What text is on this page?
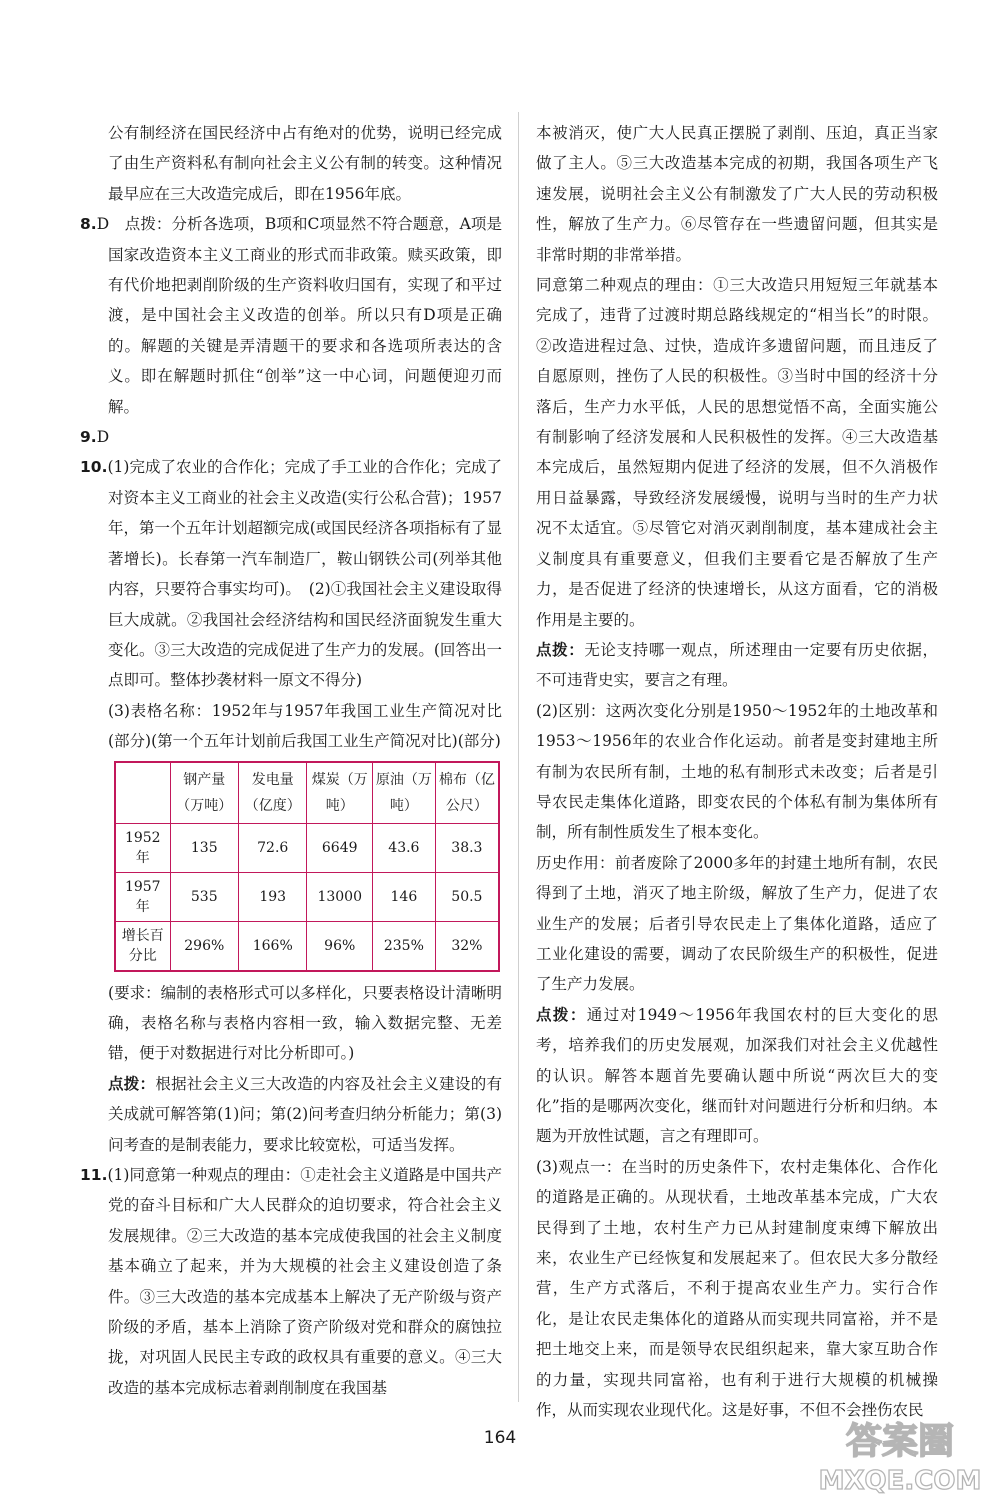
公有制经济在国民经济中占有绝对的优势，说明已经完成了由生产资料私有制向社会主义公有制的转变。这种情况最早应在三大改造完成后，即在1956年底。

8.D　点拨：分析各选项，B项和C项显然不符合题意，A项是国家改造资本主义工商业的形式而非政策。赎买政策，即有代价地把剥削阶级的生产资料收归国有，实现了和平过渡，是中国社会主义改造的创举。所以只有D项是正确的。解题的关键是弄清题干的要求和各选项所表达的含义。即在解题时抓住“创举”这一中心词，问题便迎刃而解。

9.D

10.(1)完成了农业的合作化；完成了手工业的合作化；完成了对资本主义工商业的社会主义改造(实行公私合营)；1957年，第一个五年计划超额完成(或国民经济各项指标有了显著增长)。长春第一汽车制造厂，鞍山钢铁公司(列举其他内容，只要符合事实均可)。　(2)①我国社会主义建设取得巨大成就。②我国社会经济结构和国民经济面貌发生重大变化。③三大改造的完成促进了生产力的发展。(回答出一点即可。整体抄袭材料一原文不得分)

(3)表格名称：1952年与1957年我国工业生产简况对比(部分)(第一个五年计划前后我国工业生产简况对比)(部分)

	钢产量（万吨）	发电量（亿度）	煤炭（万吨）	原油（万吨）	棉布（亿公尺）
1952年	135	72.6	6649	43.6	38.3
1957年	535	193	13000	146	50.5
增长百分比	296%	166%	96%	235%	32%

(要求：编制的表格形式可以多样化，只要表格设计清晰明确，表格名称与表格内容相一致，输入数据完整、无差错，便于对数据进行对比分析即可。)

点拨：根据社会主义三大改造的内容及社会主义建设的有关成就可解答第(1)问；第(2)问考查归纳分析能力；第(3)问考查的是制表能力，要求比较宽松，可适当发挥。

11.(1)同意第一种观点的理由：①走社会主义道路是中国共产党的奋斗目标和广大人民群众的迫切要求，符合社会主义发展规律。②三大改造的基本完成使我国的社会主义制度基本确立了起来，并为大规模的社会主义建设创造了条件。③三大改造的基本完成基本上解决了无产阶级与资产阶级的矛盾，基本上消除了资产阶级对党和群众的腐蚀拉拢，对巩固人民民主专政的政权具有重要的意义。④三大改造的基本完成标志着剥削制度在我国基

本被消灭，使广大人民真正摆脱了剥削、压迫，真正当家做了主人。⑤三大改造基本完成的初期，我国各项生产飞速发展，说明社会主义公有制激发了广大人民的劳动积极性，解放了生产力。⑥尽管存在一些遗留问题，但其实是非常时期的非常举措。

同意第二种观点的理由：①三大改造只用短短三年就基本完成了，违背了过渡时期总路线规定的“相当长”的时限。②改造进程过急、过快，造成许多遗留问题，而且违反了自愿原则，挫伤了人民的积极性。③当时中国的经济十分落后，生产力水平低，人民的思想觉悟不高，全面实施公有制影响了经济发展和人民积极性的发挥。④三大改造基本完成后，虽然短期内促进了经济的发展，但不久消极作用日益暴露，导致经济发展缓慢，说明与当时的生产力状况不太适宜。⑤尽管它对消灭剥削制度，基本建成社会主义制度具有重要意义，但我们主要看它是否解放了生产力，是否促进了经济的快速增长，从这方面看，它的消极作用是主要的。

点拨：无论支持哪一观点，所述理由一定要有历史依据，不可违背史实，要言之有理。

(2)区别：这两次变化分别是1950～1952年的土地改革和1953～1956年的农业合作化运动。前者是变封建地主所有制为农民所有制，土地的私有制形式未改变；后者是引导农民走集体化道路，即变农民的个体私有制为集体所有制，所有制性质发生了根本变化。

历史作用：前者废除了2000多年的封建土地所有制，农民得到了土地，消灭了地主阶级，解放了生产力，促进了农业生产的发展；后者引导农民走上了集体化道路，适应了工业化建设的需要，调动了农民阶级生产的积极性，促进了生产力发展。

点拨：通过对1949～1956年我国农村的巨大变化的思考，培养我们的历史发展观，加深我们对社会主义优越性的认识。解答本题首先要确认题中所说“两次巨大的变化”指的是哪两次变化，继而针对问题进行分析和归纳。本题为开放性试题，言之有理即可。

(3)观点一：在当时的历史条件下，农村走集体化、合作化的道路是正确的。从现状看，土地改革基本完成，广大农民得到了土地，农村生产力已从封建制度束缚下解放出来，农业生产已经恢复和发展起来了。但农民大多分散经营，生产方式落后，不利于提高农业生产力。实行合作化，是让农民走集体化的道路从而实现共同富裕，并不是把土地交上来，而是领导农民组织起来，靠大家互助合作的力量，实现共同富裕，也有利于进行大规模的机械操作，从而实现农业现代化。这是好事，不但不会挫伤农民

164	答案圈
MXQE.COM
